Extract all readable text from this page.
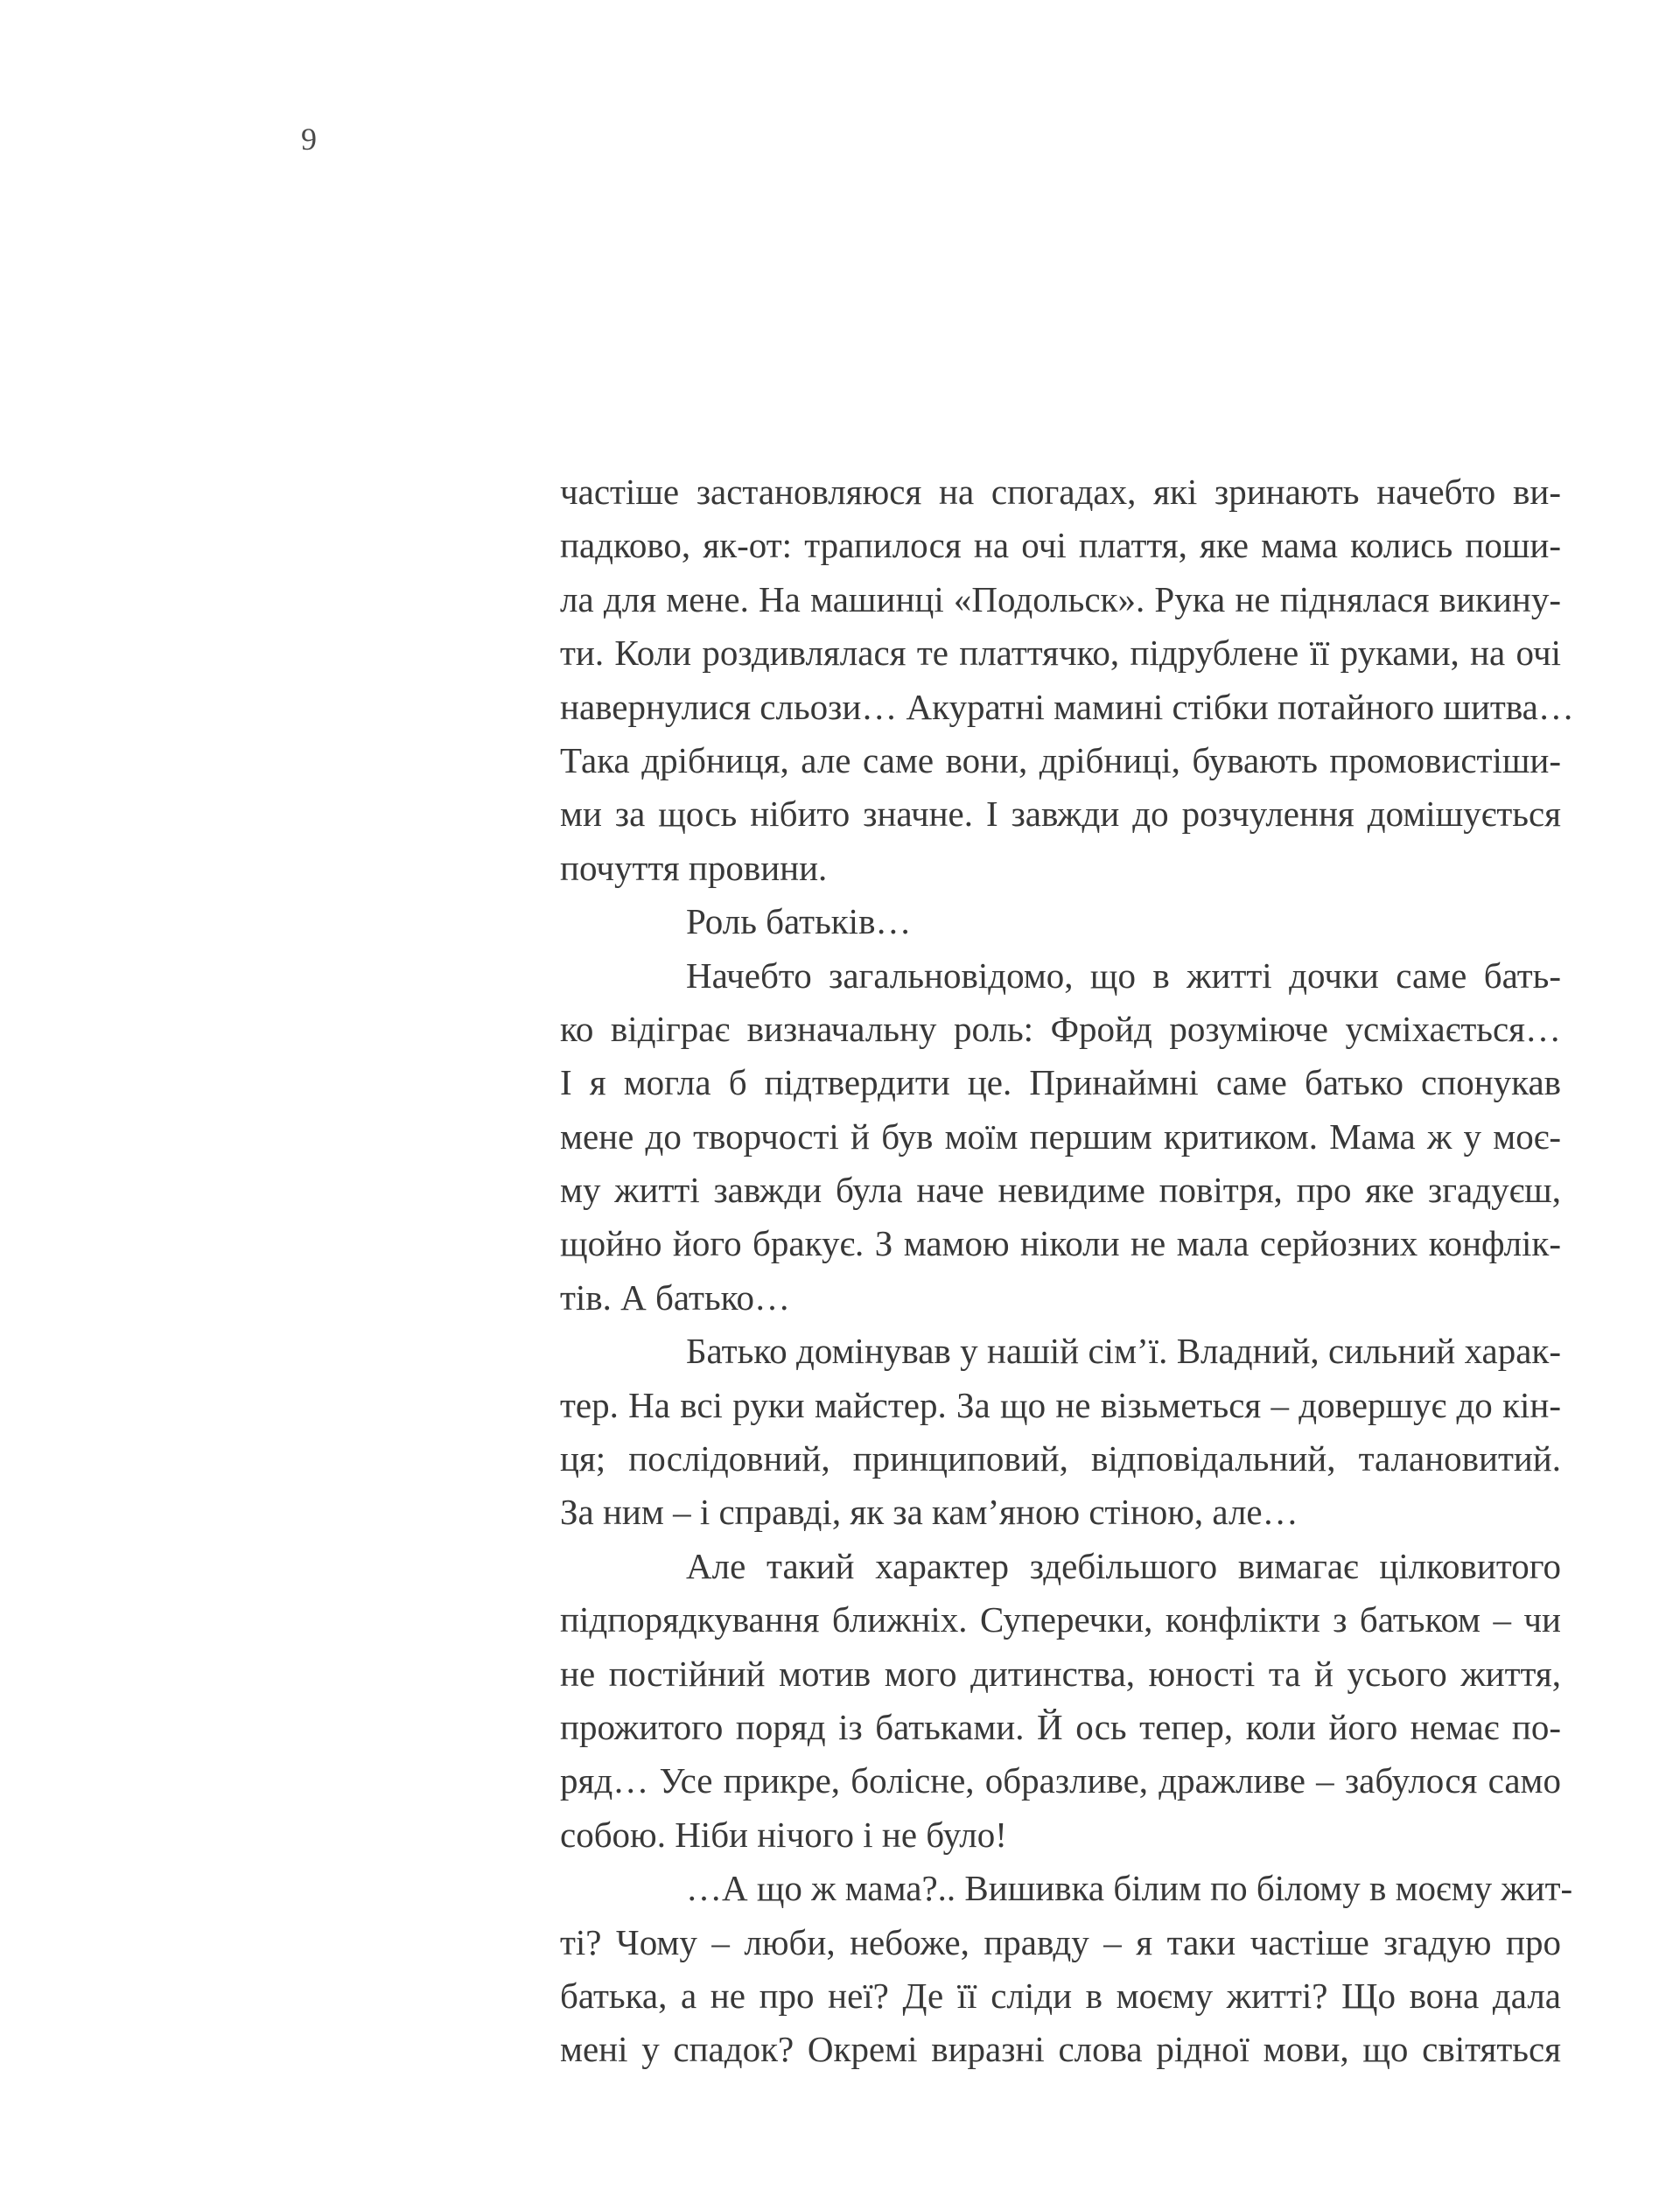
9
частіше застановляюся на спогадах, які зринають начебто ви-
падково, як-от: трапилося на очі плаття, яке мама колись поши-
ла для мене. На машинці «Подольск». Рука не піднялася викину-
ти. Коли роздивлялася те платтячко, підрублене її руками, на очі
навернулися сльози… Акуратні мамині стібки потайного шитва…
Така дрібниця, але саме вони, дрібниці, бувають промовистіши-
ми за щось нібито значне. І завжди до розчулення домішується
почуття провини.
Роль батьків…
Начебто загальновідомо, що в житті дочки саме бать-
ко відіграє визначальну роль: Фройд розуміюче усміхається…
І я могла б підтвердити це. Принаймні саме батько спонукав
мене до творчості й був моїм першим критиком. Мама ж у моє-
му житті завжди була наче невидиме повітря, про яке згадуєш,
щойно його бракує. З мамою ніколи не мала серйозних конфлік-
тів. А батько…
Батько домінував у нашій сім’ї. Владний, сильний харак-
тер. На всі руки майстер. За що не візьметься – довершує до кін-
ця; послідовний, принциповий, відповідальний, талановитий.
За ним – і справді, як за кам’яною стіною, але…
Але такий характер здебільшого вимагає цілковитого
підпорядкування ближніх. Суперечки, конфлікти з батьком – чи
не постійний мотив мого дитинства, юності та й усього життя,
прожитого поряд із батьками. Й ось тепер, коли його немає по-
ряд… Усе прикре, болісне, образливе, дражливе – забулося само
собою. Ніби нічого і не було!
…А що ж мама?.. Вишивка білим по білому в моєму жит-
ті? Чому – люби, небоже, правду – я таки частіше згадую про
батька, а не про неї? Де її сліди в моєму житті? Що вона дала
мені у спадок? Окремі виразні слова рідної мови, що світяться
